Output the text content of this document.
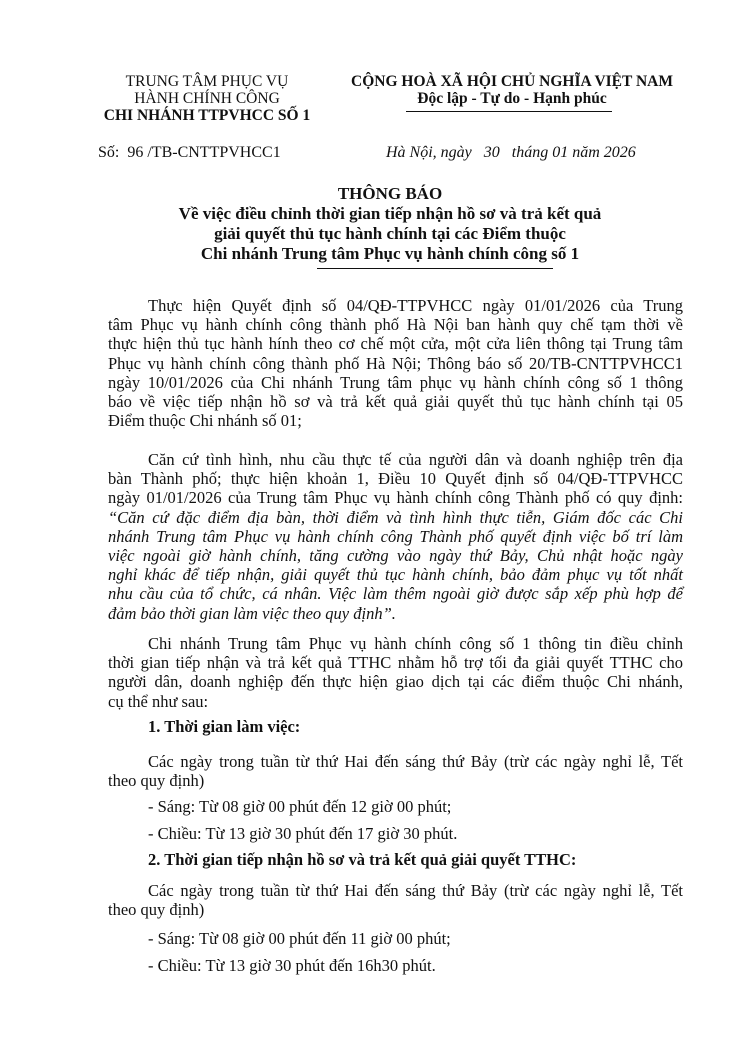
TRUNG TÂM PHỤC VỤ
HÀNH CHÍNH CÔNG
CHI NHÁNH TTPVHCC SỐ 1
CỘNG HOÀ XÃ HỘI CHỦ NGHĨA VIỆT NAM
Độc lập - Tự do - Hạnh phúc
Số: 96 /TB-CNTTPVHCC1	Hà Nội, ngày 30 tháng 01 năm 2026
THÔNG BÁO
Về việc điều chỉnh thời gian tiếp nhận hồ sơ và trả kết quả
giải quyết thủ tục hành chính tại các Điểm thuộc
Chi nhánh Trung tâm Phục vụ hành chính công số 1
Thực hiện Quyết định số 04/QĐ-TTPVHCC ngày 01/01/2026 của Trung
tâm Phục vụ hành chính công thành phố Hà Nội ban hành quy chế tạm thời về
thực hiện thủ tục hành hính theo cơ chế một cửa, một cửa liên thông tại Trung tâm
Phục vụ hành chính công thành phố Hà Nội; Thông báo số 20/TB-CNTTPVHCC1
ngày 10/01/2026 của Chi nhánh Trung tâm phục vụ hành chính công số 1 thông
báo về việc tiếp nhận hồ sơ và trả kết quả giải quyết thủ tục hành chính tại 05
Điểm thuộc Chi nhánh số 01;
Căn cứ tình hình, nhu cầu thực tế của người dân và doanh nghiệp trên địa
bàn Thành phố; thực hiện khoản 1, Điều 10 Quyết định số 04/QĐ-TTPVHCC
ngày 01/01/2026 của Trung tâm Phục vụ hành chính công Thành phố có quy định:
“Căn cứ đặc điểm địa bàn, thời điểm và tình hình thực tiễn, Giám đốc các Chi
nhánh Trung tâm Phục vụ hành chính công Thành phố quyết định việc bố trí làm
việc ngoài giờ hành chính, tăng cường vào ngày thứ Bảy, Chủ nhật hoặc ngày
nghỉ khác để tiếp nhận, giải quyết thủ tục hành chính, bảo đảm phục vụ tốt nhất
nhu cầu của tổ chức, cá nhân. Việc làm thêm ngoài giờ được sắp xếp phù hợp để
đảm bảo thời gian làm việc theo quy định”.
Chi nhánh Trung tâm Phục vụ hành chính công số 1 thông tin điều chỉnh
thời gian tiếp nhận và trả kết quả TTHC nhằm hỗ trợ tối đa giải quyết TTHC cho
người dân, doanh nghiệp đến thực hiện giao dịch tại các điểm thuộc Chi nhánh,
cụ thể như sau:
1. Thời gian làm việc:
Các ngày trong tuần từ thứ Hai đến sáng thứ Bảy (trừ các ngày nghỉ lễ, Tết
theo quy định)
- Sáng: Từ 08 giờ 00 phút đến 12 giờ 00 phút;
- Chiều: Từ 13 giờ 30 phút đến 17 giờ 30 phút.
2. Thời gian tiếp nhận hồ sơ và trả kết quả giải quyết TTHC:
Các ngày trong tuần từ thứ Hai đến sáng thứ Bảy (trừ các ngày nghỉ lễ, Tết
theo quy định)
- Sáng: Từ 08 giờ 00 phút đến 11 giờ 00 phút;
- Chiều: Từ 13 giờ 30 phút đến 16h30 phút.
